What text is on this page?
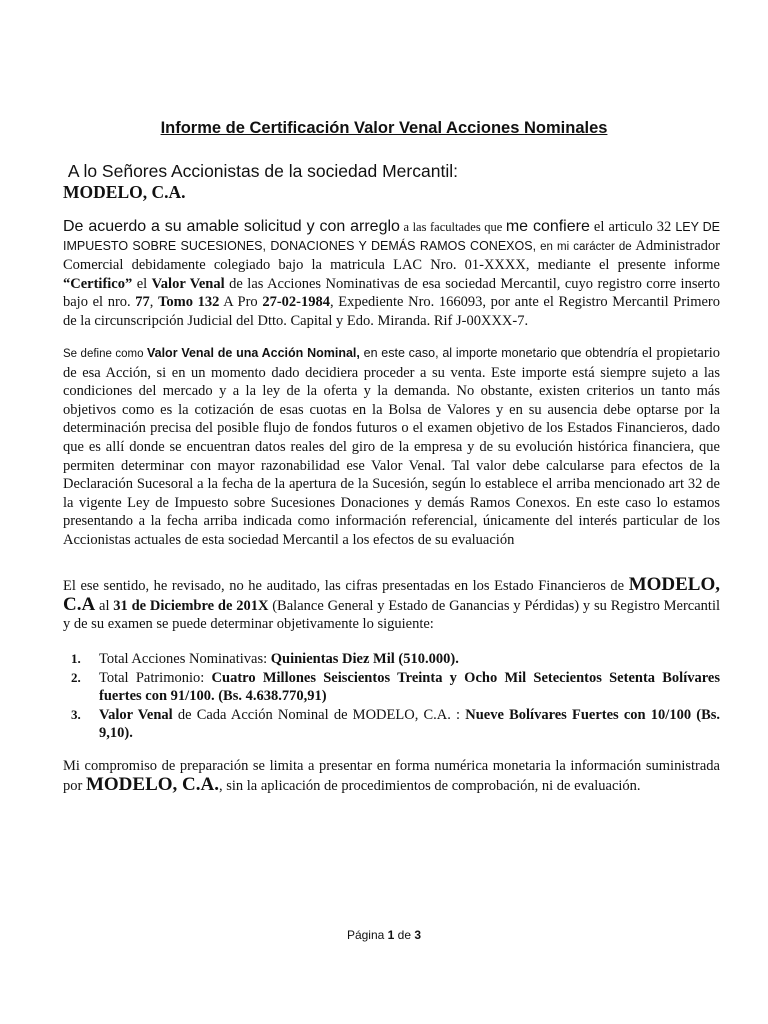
Informe de Certificación Valor Venal Acciones Nominales
A lo Señores Accionistas de la sociedad Mercantil:
MODELO, C.A.
De acuerdo a su amable solicitud y con arreglo a las facultades que me confiere el articulo 32 LEY DE IMPUESTO SOBRE SUCESIONES, DONACIONES Y DEMÁS RAMOS CONEXOS, en mi carácter de Administrador Comercial debidamente colegiado bajo la matricula LAC Nro. 01-XXXX, mediante el presente informe “Certifico” el Valor Venal de las Acciones Nominativas de esa sociedad Mercantil, cuyo registro corre inserto bajo el nro. 77, Tomo 132 A Pro 27-02-1984, Expediente Nro. 166093, por ante el Registro Mercantil Primero de la circunscripción Judicial del Dtto. Capital y Edo. Miranda. Rif J-00XXX-7.
Se define como Valor Venal de una Acción Nominal, en este caso, al importe monetario que obtendría el propietario de esa Acción, si en un momento dado decidiera proceder a su venta. Este importe está siempre sujeto a las condiciones del mercado y a la ley de la oferta y la demanda. No obstante, existen criterios un tanto más objetivos como es la cotización de esas cuotas en la Bolsa de Valores y en su ausencia debe optarse por la determinación precisa del posible flujo de fondos futuros o el examen objetivo de los Estados Financieros, dado que es allí donde se encuentran datos reales del giro de la empresa y de su evolución histórica financiera, que permiten determinar con mayor razonabilidad ese Valor Venal. Tal valor debe calcularse para efectos de la Declaración Sucesoral a la fecha de la apertura de la Sucesión, según lo establece el arriba mencionado art 32 de la vigente Ley de Impuesto sobre Sucesiones Donaciones y demás Ramos Conexos. En este caso lo estamos presentando a la fecha arriba indicada como información referencial, únicamente del interés particular de los Accionistas actuales de esta sociedad Mercantil a los efectos de su evaluación
El ese sentido, he revisado, no he auditado, las cifras presentadas en los Estado Financieros de MODELO, C.A al 31 de Diciembre de 201X (Balance General y Estado de Ganancias y Pérdidas) y su Registro Mercantil y de su examen se puede determinar objetivamente lo siguiente:
1. Total Acciones Nominativas: Quinientas Diez Mil (510.000).
2. Total Patrimonio: Cuatro Millones Seiscientos Treinta y Ocho Mil Setecientos Setenta Bolívares fuertes con 91/100. (Bs. 4.638.770,91)
3. Valor Venal de Cada Acción Nominal de MODELO, C.A. : Nueve Bolívares Fuertes con 10/100 (Bs. 9,10).
Mi compromiso de preparación se limita a presentar en forma numérica monetaria la información suministrada por MODELO, C.A., sin la aplicación de procedimientos de comprobación, ni de evaluación.
Página 1 de 3
